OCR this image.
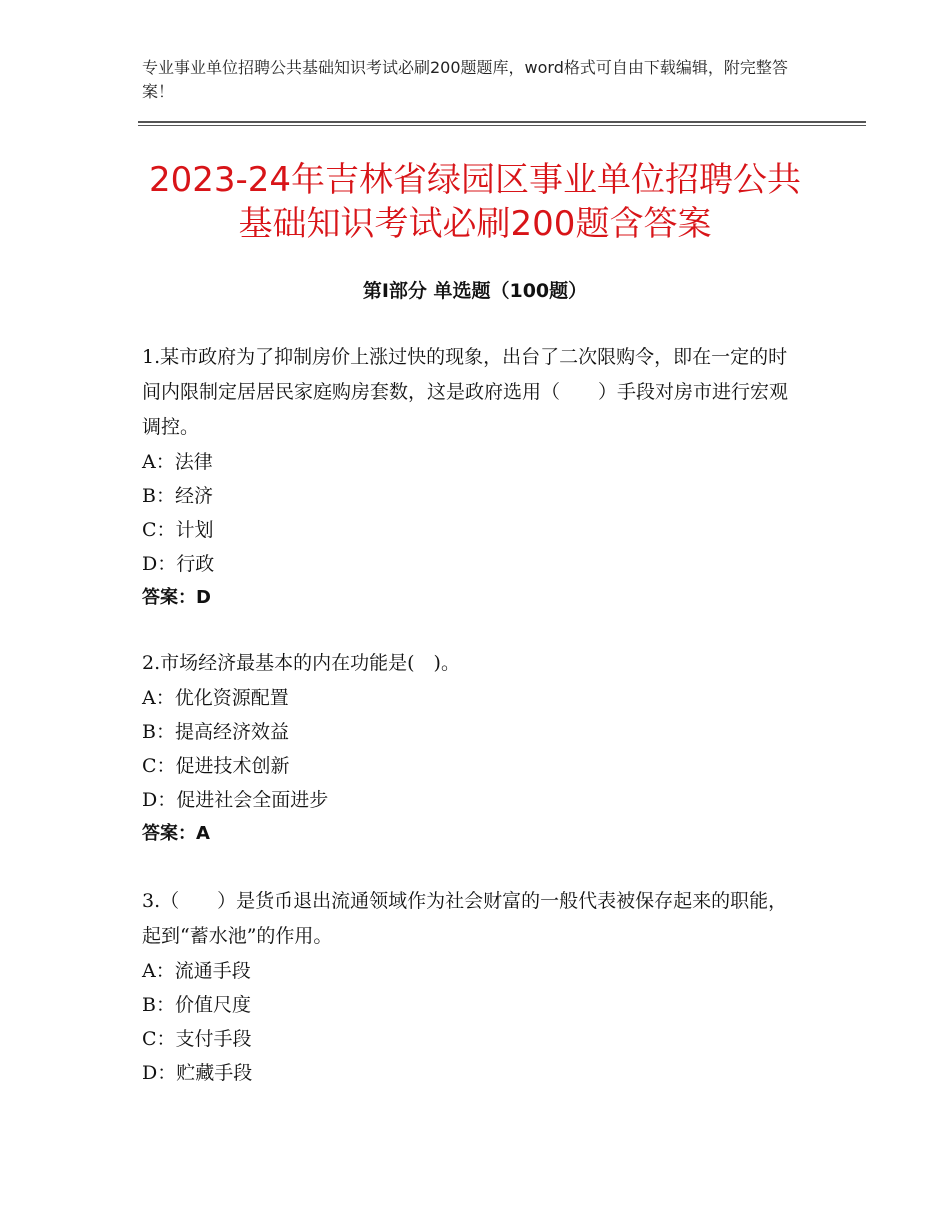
专业事业单位招聘公共基础知识考试必刷200题题库，word格式可自由下载编辑，附完整答案！
2023-24年吉林省绿园区事业单位招聘公共
基础知识考试必刷200题含答案
第Ⅰ部分 单选题（100题）

1.某市政府为了抑制房价上涨过快的现象，出台了二次限购令，即在一定的时间内限制定居居民家庭购房套数，这是政府选用（　　）手段对房市进行宏观调控。

A：法律

B：经济

C：计划

D：行政

答案：D

2.市场经济最基本的内在功能是(　)。

A：优化资源配置

B：提高经济效益

C：促进技术创新

D：促进社会全面进步

答案：A

3.（　　）是货币退出流通领域作为社会财富的一般代表被保存起来的职能，起到“蓄水池”的作用。

A：流通手段

B：价值尺度

C：支付手段

D：贮藏手段
